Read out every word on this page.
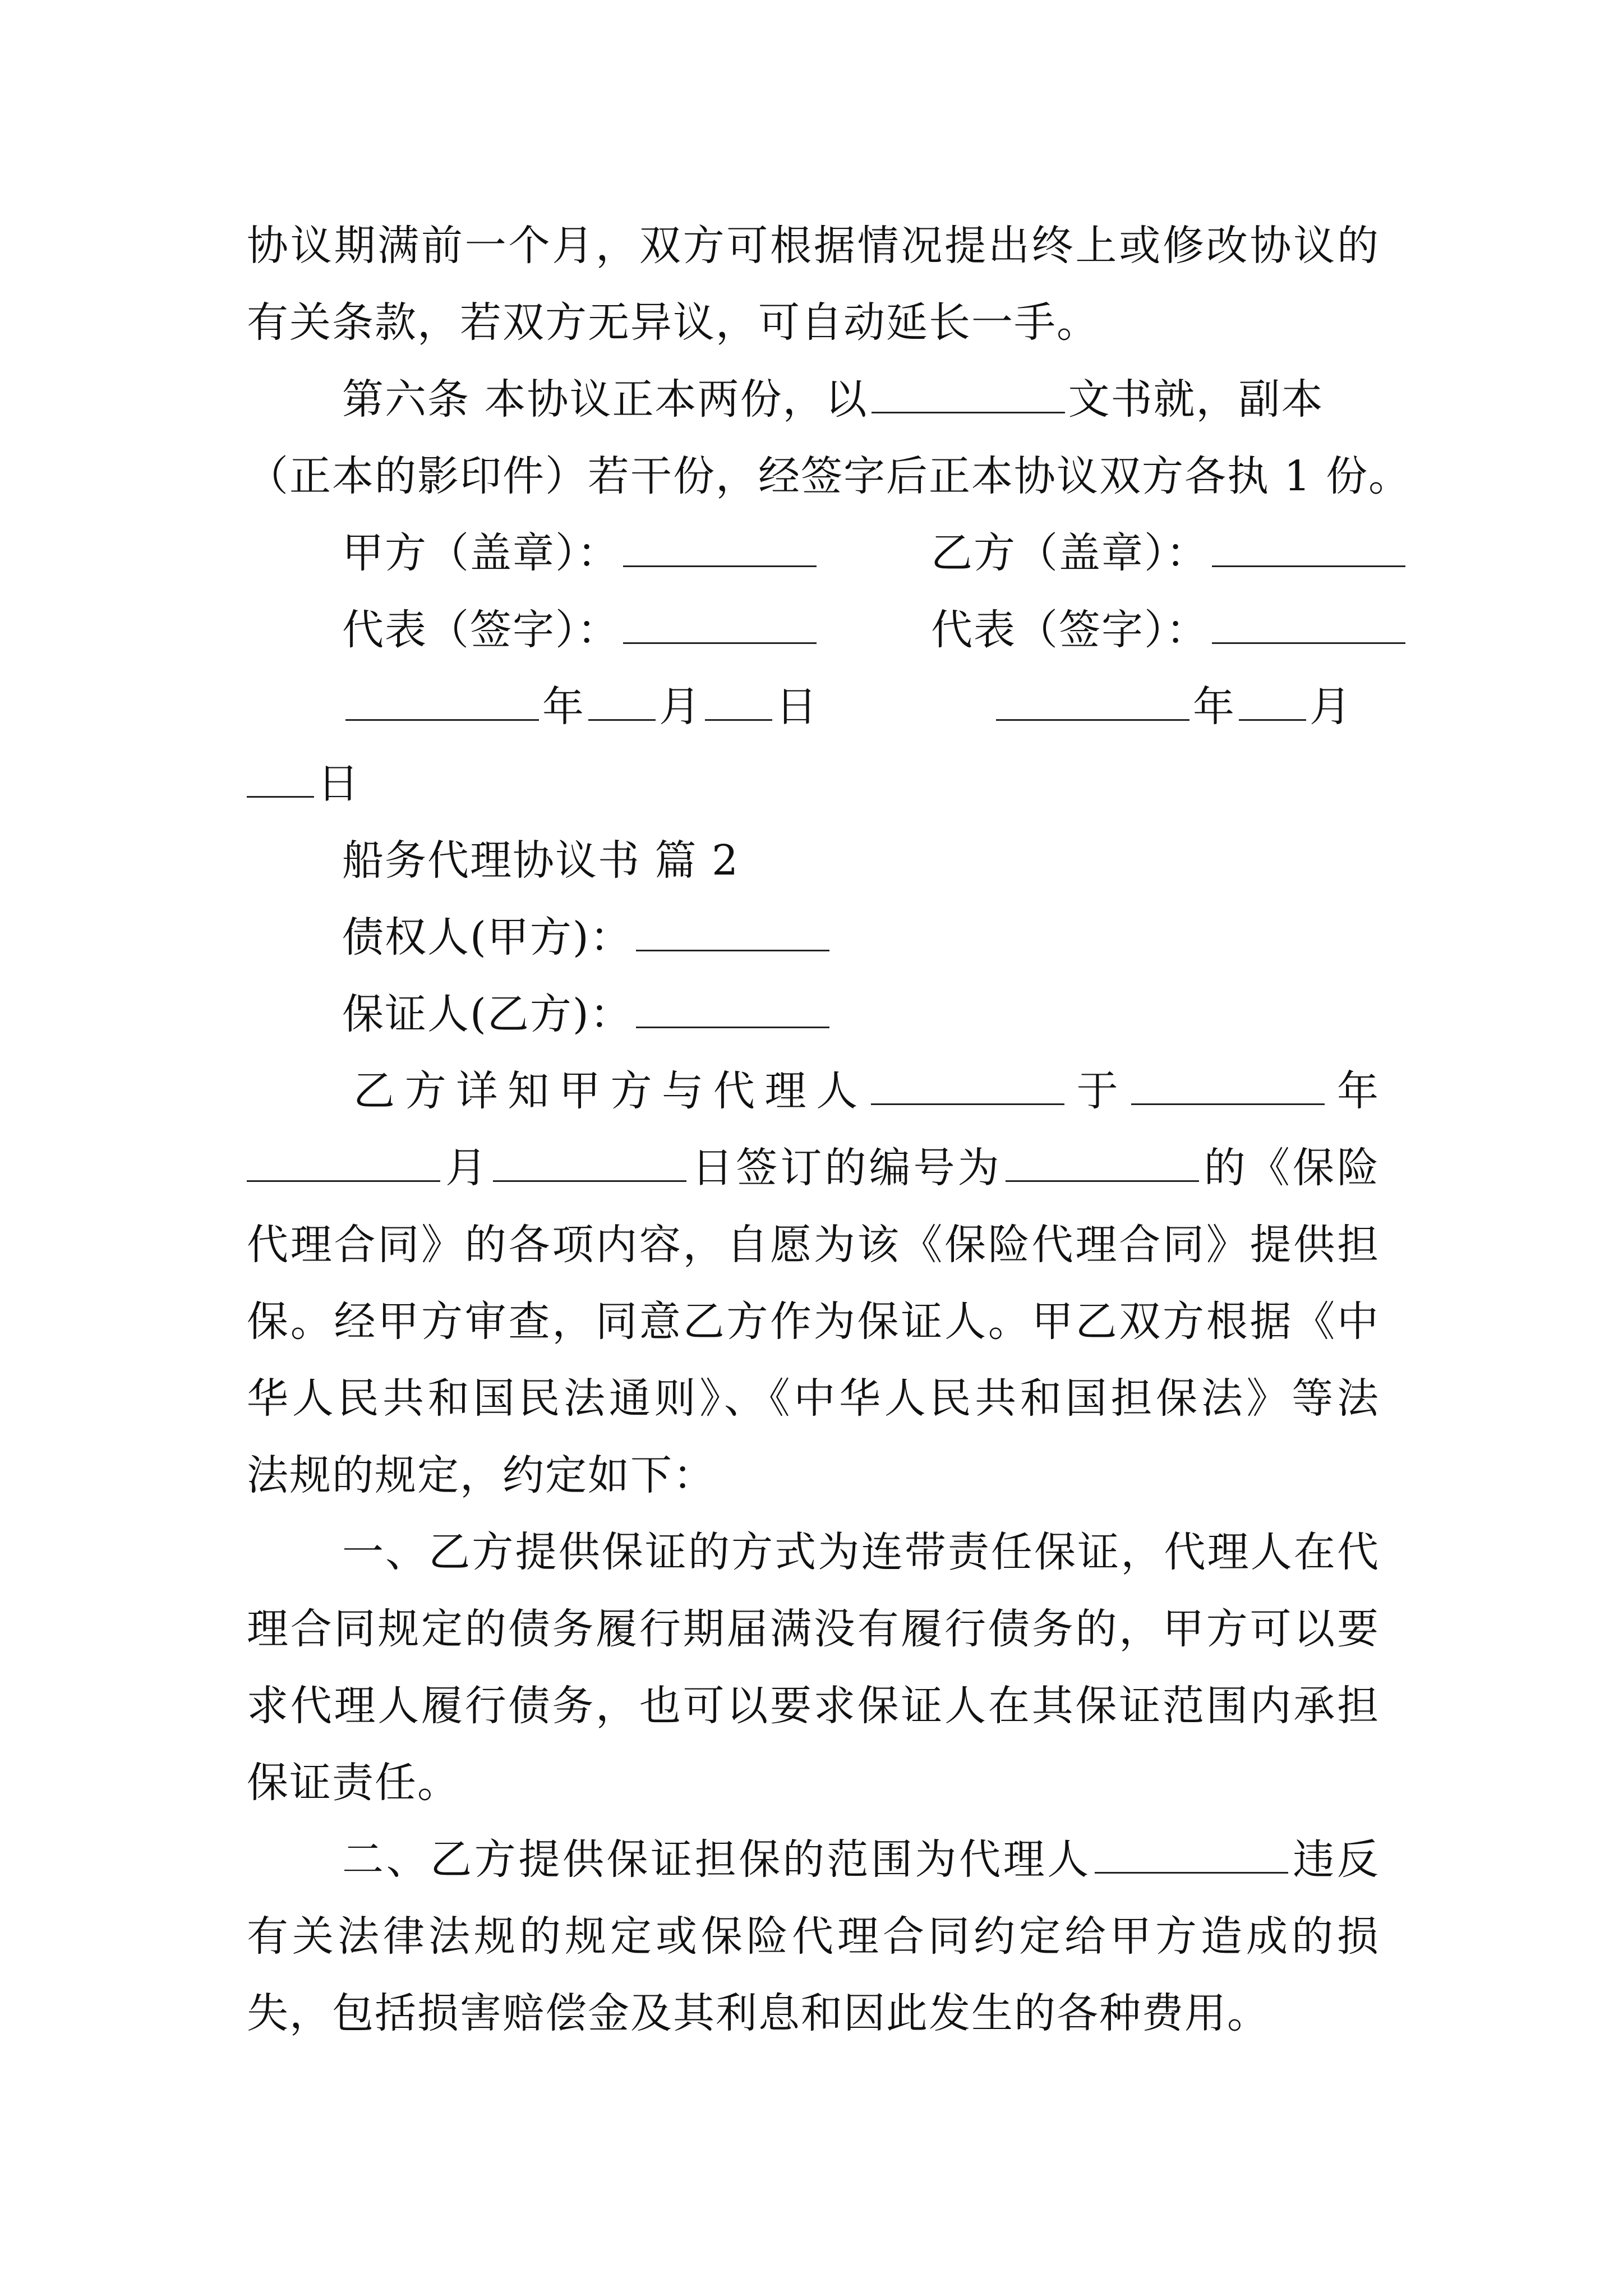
协议期满前一个月，双方可根据情况提出终上或修改协议的
有关条款，若双方无异议，可自动延长一手。
第六条 本协议正本两份，以	文书就，副本
（正本的影印件）若干份，经签字后正本协议双方各执 1 份。
甲方（盖章）：	乙方（盖章）：
代表（签字）：	代表（签字）：
年 月 日	年 月
日
船务代理协议书 篇 2
债权人(甲方)：
保证人(乙方)：
乙方详知甲方与代理人	于	年
月	日签订的编号为	的《保险
代理合同》的各项内容，自愿为该《保险代理合同》提供担
保。经甲方审查，同意乙方作为保证人。甲乙双方根据《中
华人民共和国民法通则》、《中华人民共和国担保法》等法
法规的规定，约定如下：
一、乙方提供保证的方式为连带责任保证，代理人在代
理合同规定的债务履行期届满没有履行债务的，甲方可以要
求代理人履行债务，也可以要求保证人在其保证范围内承担
保证责任。
二、乙方提供保证担保的范围为代理人	违反
有关法律法规的规定或保险代理合同约定给甲方造成的损
失，包括损害赔偿金及其利息和因此发生的各种费用。
